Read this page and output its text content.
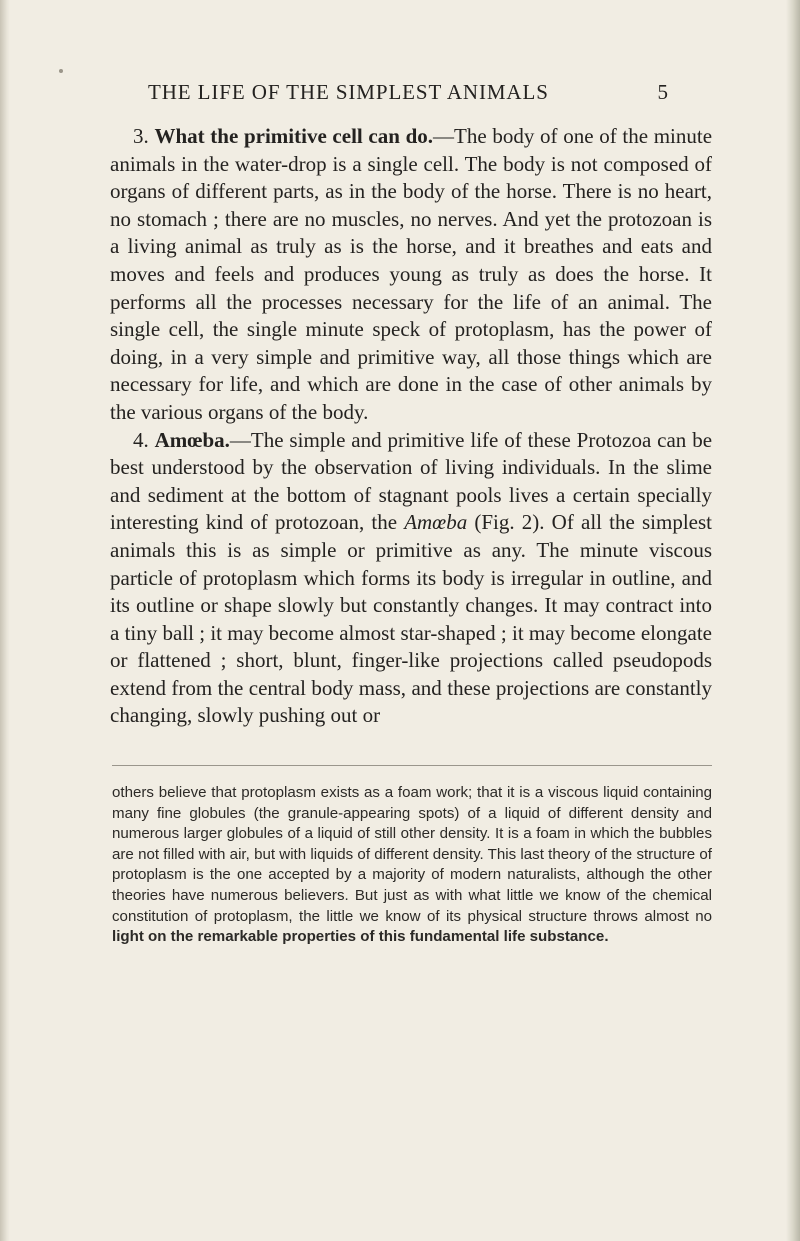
THE LIFE OF THE SIMPLEST ANIMALS	5

3. What the primitive cell can do.—The body of one of the minute animals in the water-drop is a single cell. The body is not composed of organs of different parts, as in the body of the horse. There is no heart, no stomach ; there are no muscles, no nerves. And yet the protozoan is a living animal as truly as is the horse, and it breathes and eats and moves and feels and produces young as truly as does the horse. It performs all the processes necessary for the life of an animal. The single cell, the single minute speck of protoplasm, has the power of doing, in a very simple and primitive way, all those things which are necessary for life, and which are done in the case of other animals by the various organs of the body.

4. Amœba.—The simple and primitive life of these Protozoa can be best understood by the observation of living individuals. In the slime and sediment at the bottom of stagnant pools lives a certain specially interesting kind of protozoan, the Amœba (Fig. 2). Of all the simplest animals this is as simple or primitive as any. The minute viscous particle of protoplasm which forms its body is irregular in outline, and its outline or shape slowly but constantly changes. It may contract into a tiny ball ; it may become almost star-shaped ; it may become elongate or flattened ; short, blunt, finger-like projections called pseudopods extend from the central body mass, and these projections are constantly changing, slowly pushing out or

others believe that protoplasm exists as a foam work; that it is a viscous liquid containing many fine globules (the granule-appearing spots) of a liquid of different density and numerous larger globules of a liquid of still other density. It is a foam in which the bubbles are not filled with air, but with liquids of different density. This last theory of the structure of protoplasm is the one accepted by a majority of modern naturalists, although the other theories have numerous believers. But just as with what little we know of the chemical constitution of protoplasm, the little we know of its physical structure throws almost no light on the remarkable properties of this fundamental life substance.
